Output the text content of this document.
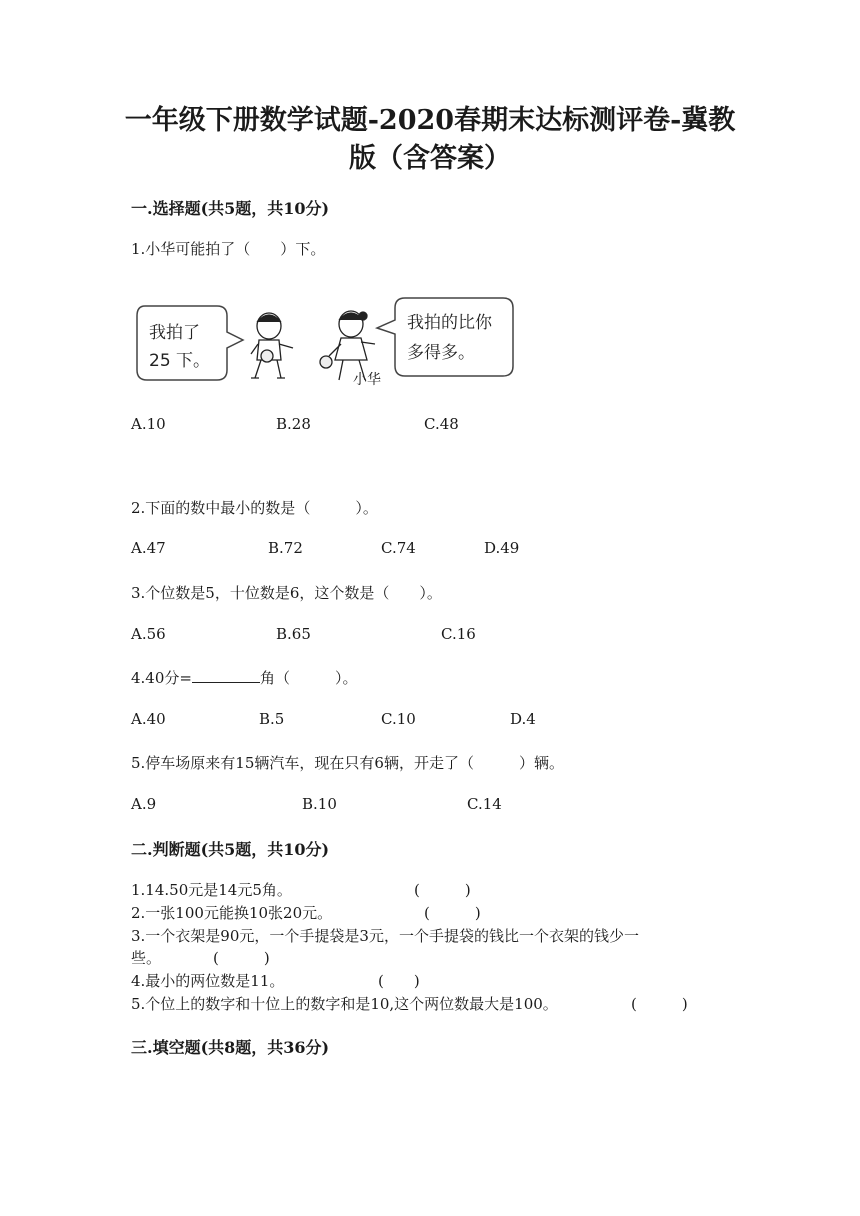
一年级下册数学试题-2020春期末达标测评卷-冀教
版（含答案）
一.选择题(共5题，共10分)
1.小华可能拍了（　　）下。
我拍了
25 下。
小华
我拍的比你
多得多。
A.10	B.28	C.48
2.下面的数中最小的数是（　　　）。
A.47	B.72	C.74	D.49
3.个位数是5，十位数是6，这个数是（　　）。
A.56	B.65	C.16
4.40分=	角（　　　）。
A.40	B.5	C.10	D.4
5.停车场原来有15辆汽车，现在只有6辆，开走了（　　　）辆。
A.9	B.10	C.14
二.判断题(共5题，共10分)
1.14.50元是14元5角。	(　　　)
2.一张100元能换10张20元。	(　　　)
3.一个衣架是90元，一个手提袋是3元，一个手提袋的钱比一个衣架的钱少一
些。	(　　　)
4.最小的两位数是11。	(　　)
5.个位上的数字和十位上的数字和是10,这个两位数最大是100。	(　　　)
三.填空题(共8题，共36分)
